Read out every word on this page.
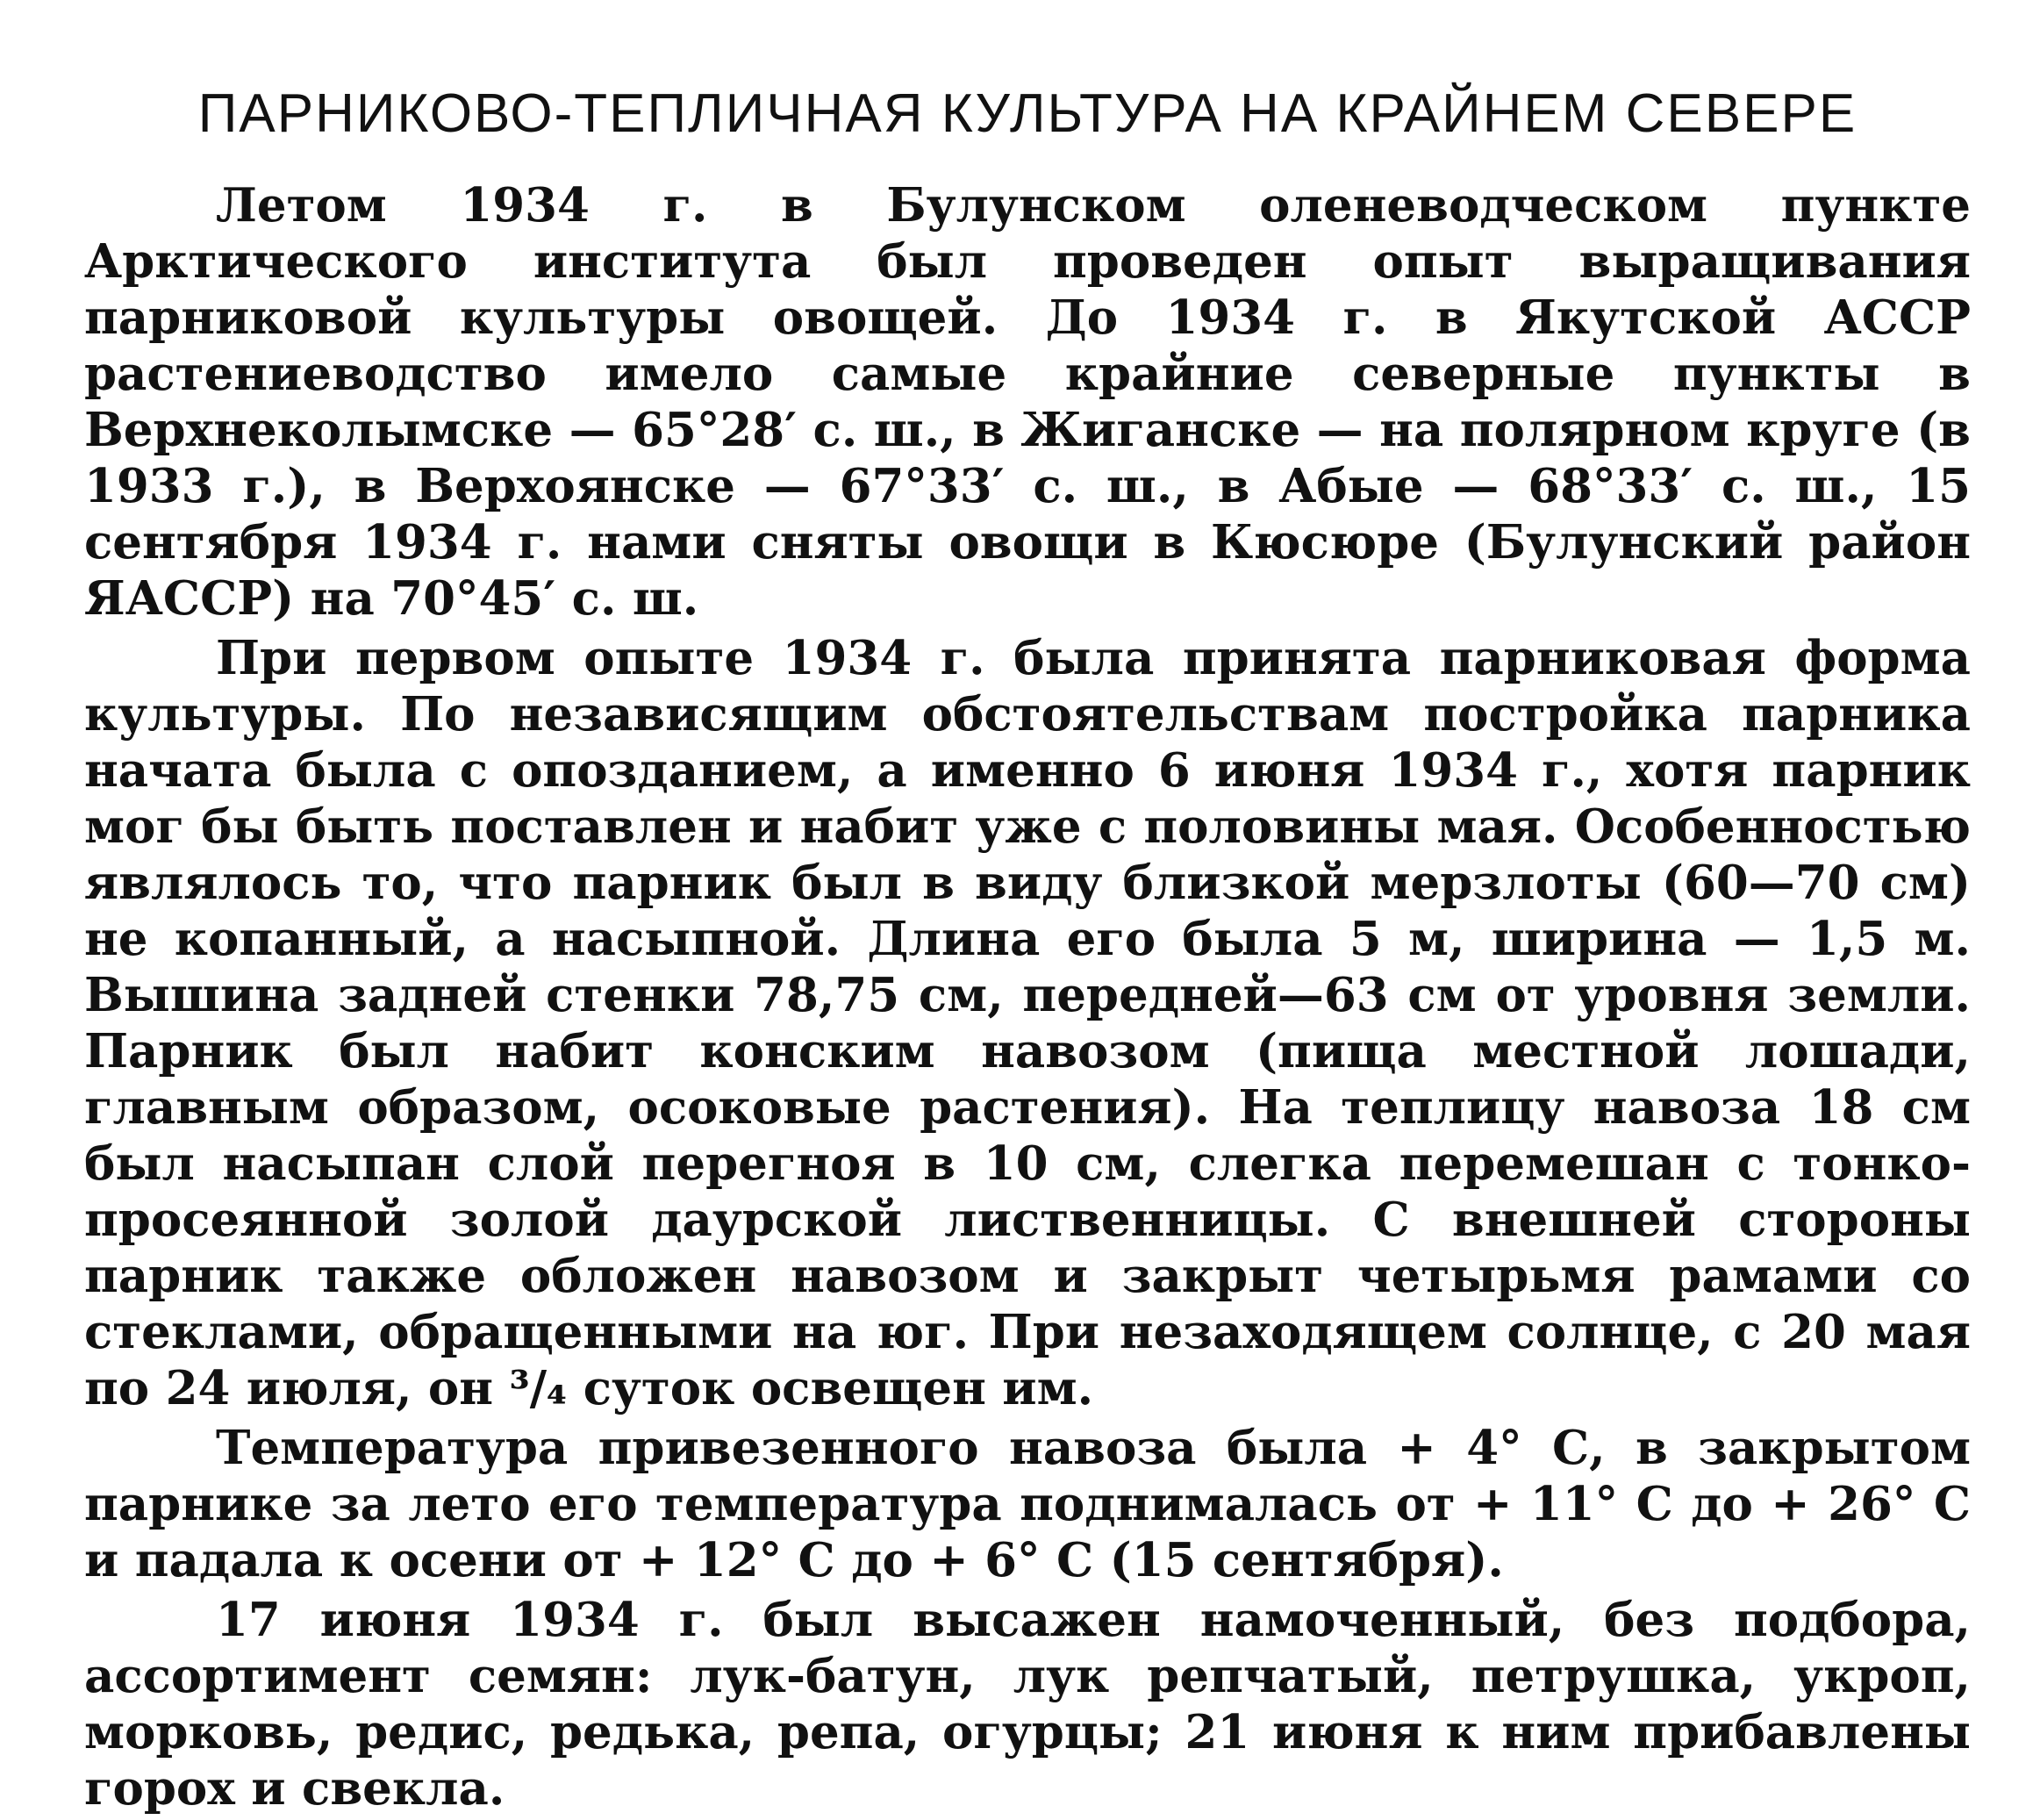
ПАРНИКОВО-ТЕПЛИЧНАЯ КУЛЬТУРА НА КРАЙНЕМ СЕВЕРЕ

Летом 1934 г. в Булунском оленеводческом пункте Арктического института был проведен опыт выращивания парниковой культуры овощей. До 1934 г. в Якутской АССР растениеводство имело самые крайние северные пункты в Верхнеколымске — 65°28′ с. ш., в Жиганске — на полярном круге (в 1933 г.), в Верхоянске — 67°33′ с. ш., в Абые — 68°33′ с. ш., 15 сентября 1934 г. нами сняты овощи в Кюсюре (Булунский район ЯАССР) на 70°45′ с. ш.

При первом опыте 1934 г. была принята парниковая форма культуры. По независящим обстоятельствам постройка парника начата была с опозданием, а именно 6 июня 1934 г., хотя парник мог бы быть поставлен и набит уже с половины мая. Особенностью являлось то, что парник был в виду близкой мерзлоты (60—70 см) не копанный, а насыпной. Длина его была 5 м, ширина — 1,5 м. Вышина задней стенки 78,75 см, передней—63 см от уровня земли. Парник был набит конским навозом (пища местной лошади, главным образом, осоковые растения). На теплицу навоза 18 см был насыпан слой перегноя в 10 см, слегка перемешан с тонко-просеянной золой даурской лиственницы. С внешней стороны парник также обложен навозом и закрыт четырьмя рамами со стеклами, обращенными на юг. При незаходящем солнце, с 20 мая по 24 июля, он ³/₄ суток освещен им.

Температура привезенного навоза была + 4° С, в закрытом парнике за лето его температура поднималась от + 11° С до + 26° С и падала к осени от + 12° С до + 6° С (15 сентября).

17 июня 1934 г. был высажен намоченный, без подбора, ассортимент семян: лук-батун, лук репчатый, петрушка, укроп, морковь, редис, редька, репа, огурцы; 21 июня к ним прибавлены горох и свекла.
